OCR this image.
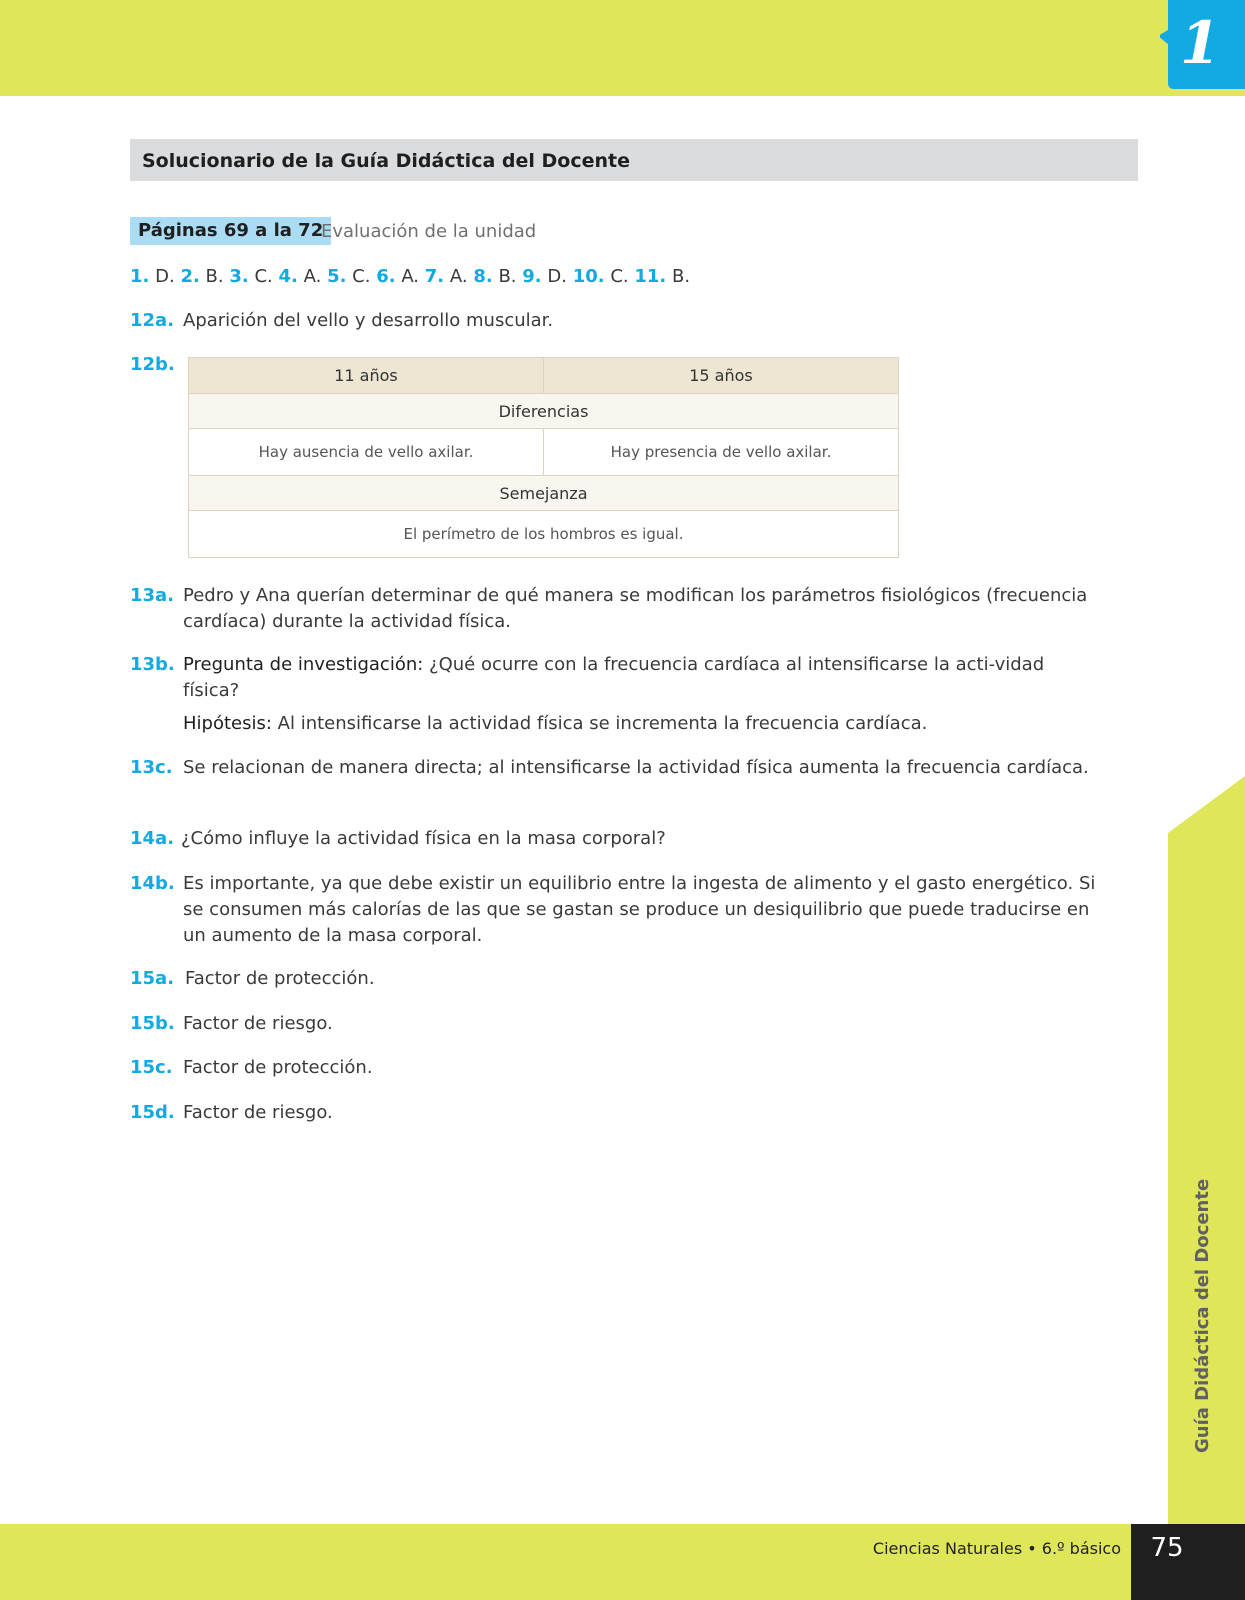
1
Guía Didáctica del Docente
Solucionario de la Guía Didáctica del Docente
Páginas 69 a la 72
Evaluación de la unidad
1. D. 2. B. 3. C. 4. A. 5. C. 6. A. 7. A. 8. B. 9. D. 10. C. 11. B.
12a. Aparición del vello y desarrollo muscular.
12b.
11 años	15 años
Diferencias	
Hay ausencia de vello axilar.	Hay presencia de vello axilar.
Semejanza	
El perímetro de los hombros es igual.	
13a. Pedro y Ana querían determinar de qué manera se modifican los parámetros fisiológicos (frecuencia cardíaca) durante la actividad física.
13b. Pregunta de investigación: ¿Qué ocurre con la frecuencia cardíaca al intensificarse la acti-vidad física?
Hipótesis: Al intensificarse la actividad física se incrementa la frecuencia cardíaca.
13c. Se relacionan de manera directa; al intensificarse la actividad física aumenta la frecuencia cardíaca.
14a. ¿Cómo influye la actividad física en la masa corporal?
14b. Es importante, ya que debe existir un equilibrio entre la ingesta de alimento y el gasto energético. Si se consumen más calorías de las que se gastan se produce un desiquilibrio que puede traducirse en un aumento de la masa corporal.
15a. Factor de protección.
15b. Factor de riesgo.
15c. Factor de protección.
15d. Factor de riesgo.
Ciencias Naturales • 6.º básico	75
